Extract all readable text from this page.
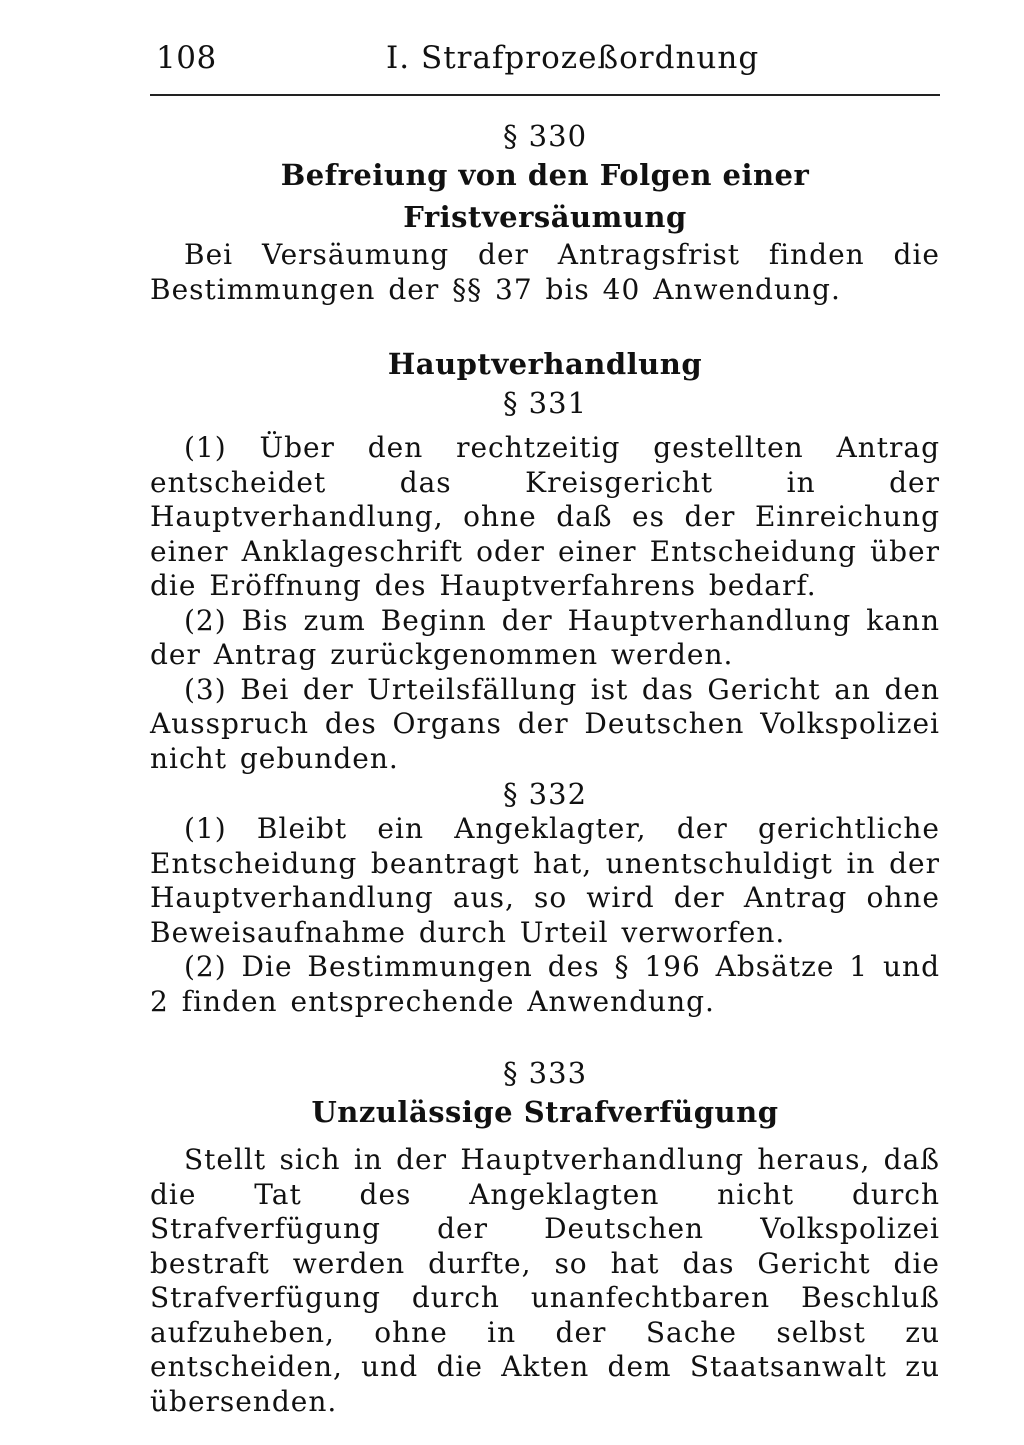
108	I. Strafprozeßordnung
§ 330
Befreiung von den Folgen einer Fristversäumung

Bei Versäumung der Antragsfrist finden die Bestimmungen der §§ 37 bis 40 Anwendung.

Hauptverhandlung
§ 331

(1) Über den rechtzeitig gestellten Antrag entscheidet das Kreisgericht in der Hauptverhandlung, ohne daß es der Einreichung einer Anklageschrift oder einer Entscheidung über die Eröffnung des Hauptverfahrens bedarf.

(2) Bis zum Beginn der Hauptverhandlung kann der Antrag zurückgenommen werden.

(3) Bei der Urteilsfällung ist das Gericht an den Ausspruch des Organs der Deutschen Volkspolizei nicht gebunden.

§ 332

(1) Bleibt ein Angeklagter, der gerichtliche Entscheidung beantragt hat, unentschuldigt in der Hauptverhandlung aus, so wird der Antrag ohne Beweisaufnahme durch Urteil verworfen.

(2) Die Bestimmungen des § 196 Absätze 1 und 2 finden entsprechende Anwendung.

§ 333
Unzulässige Strafverfügung

Stellt sich in der Hauptverhandlung heraus, daß die Tat des Angeklagten nicht durch Strafverfügung der Deutschen Volkspolizei bestraft werden durfte, so hat das Gericht die Strafverfügung durch unanfechtbaren Beschluß aufzuheben, ohne in der Sache selbst zu entscheiden, und die Akten dem Staatsanwalt zu übersenden.
